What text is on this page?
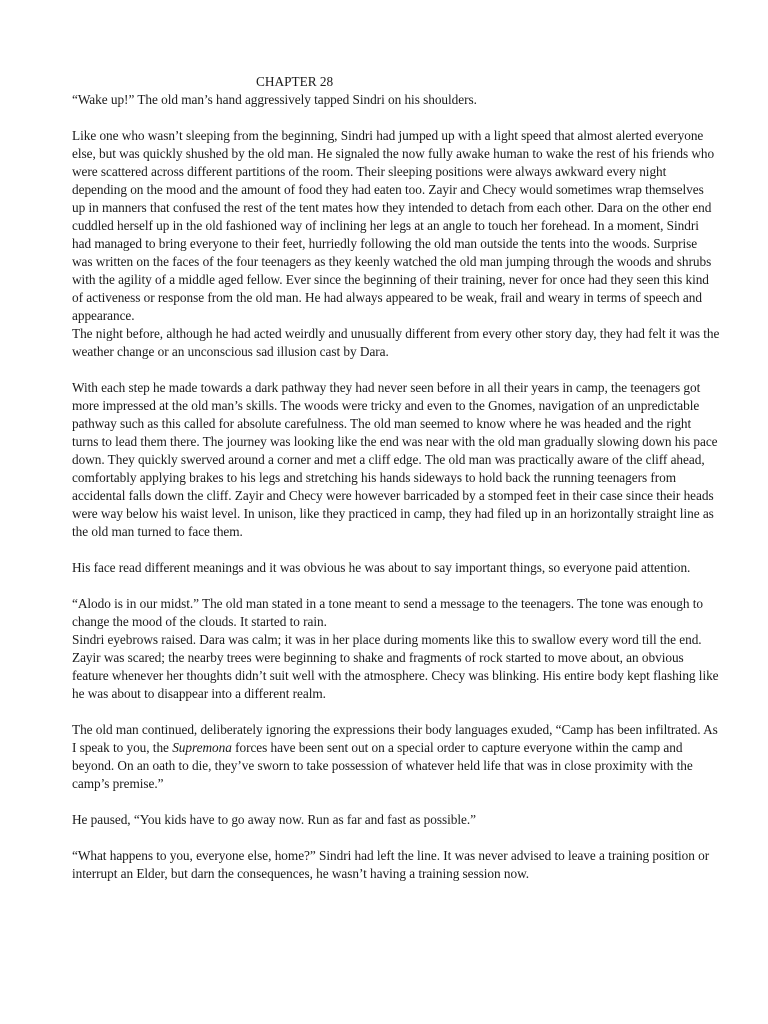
CHAPTER 28

“Wake up!” The old man’s hand aggressively tapped Sindri on his shoulders.

Like one who wasn’t sleeping from the beginning, Sindri had jumped up with a light speed that almost alerted everyone else, but was quickly shushed by the old man. He signaled the now fully awake human to wake the rest of his friends who were scattered across different partitions of the room. Their sleeping positions were always awkward every night depending on the mood and the amount of food they had eaten too. Zayir and Checy would sometimes wrap themselves up in manners that confused the rest of the tent mates how they intended to detach from each other. Dara on the other end cuddled herself up in the old fashioned way of inclining her legs at an angle to touch her forehead. In a moment, Sindri had managed to bring everyone to their feet, hurriedly following the old man outside the tents into the woods. Surprise was written on the faces of the four teenagers as they keenly watched the old man jumping through the woods and shrubs with the agility of a middle aged fellow. Ever since the beginning of their training, never for once had they seen this kind of activeness or response from the old man. He had always appeared to be weak, frail and weary in terms of speech and appearance.

The night before, although he had acted weirdly and unusually different from every other story day, they had felt it was the weather change or an unconscious sad illusion cast by Dara.

With each step he made towards a dark pathway they had never seen before in all their years in camp, the teenagers got more impressed at the old man’s skills. The woods were tricky and even to the Gnomes, navigation of an unpredictable pathway such as this called for absolute carefulness. The old man seemed to know where he was headed and the right turns to lead them there. The journey was looking like the end was near with the old man gradually slowing down his pace down. They quickly swerved around a corner and met a cliff edge. The old man was practically aware of the cliff ahead, comfortably applying brakes to his legs and stretching his hands sideways to hold back the running teenagers from accidental falls down the cliff. Zayir and Checy were however barricaded by a stomped feet in their case since their heads were way below his waist level. In unison, like they practiced in camp, they had filed up in an horizontally straight line as the old man turned to face them.

His face read different meanings and it was obvious he was about to say important things, so everyone paid attention.

“Alodo is in our midst.” The old man stated in a tone meant to send a message to the teenagers. The tone was enough to change the mood of the clouds. It started to rain.

Sindri eyebrows raised. Dara was calm; it was in her place during moments like this to swallow every word till the end. Zayir was scared; the nearby trees were beginning to shake and fragments of rock started to move about, an obvious feature whenever her thoughts didn’t suit well with the atmosphere. Checy was blinking. His entire body kept flashing like he was about to disappear into a different realm.

The old man continued, deliberately ignoring the expressions their body languages exuded, “Camp has been infiltrated. As I speak to you, the Supremona forces have been sent out on a special order to capture everyone within the camp and beyond. On an oath to die, they’ve sworn to take possession of whatever held life that was in close proximity with the camp’s premise.”

He paused, “You kids have to go away now. Run as far and fast as possible.”

“What happens to you, everyone else, home?” Sindri had left the line. It was never advised to leave a training position or interrupt an Elder, but darn the consequences, he wasn’t having a training session now.
